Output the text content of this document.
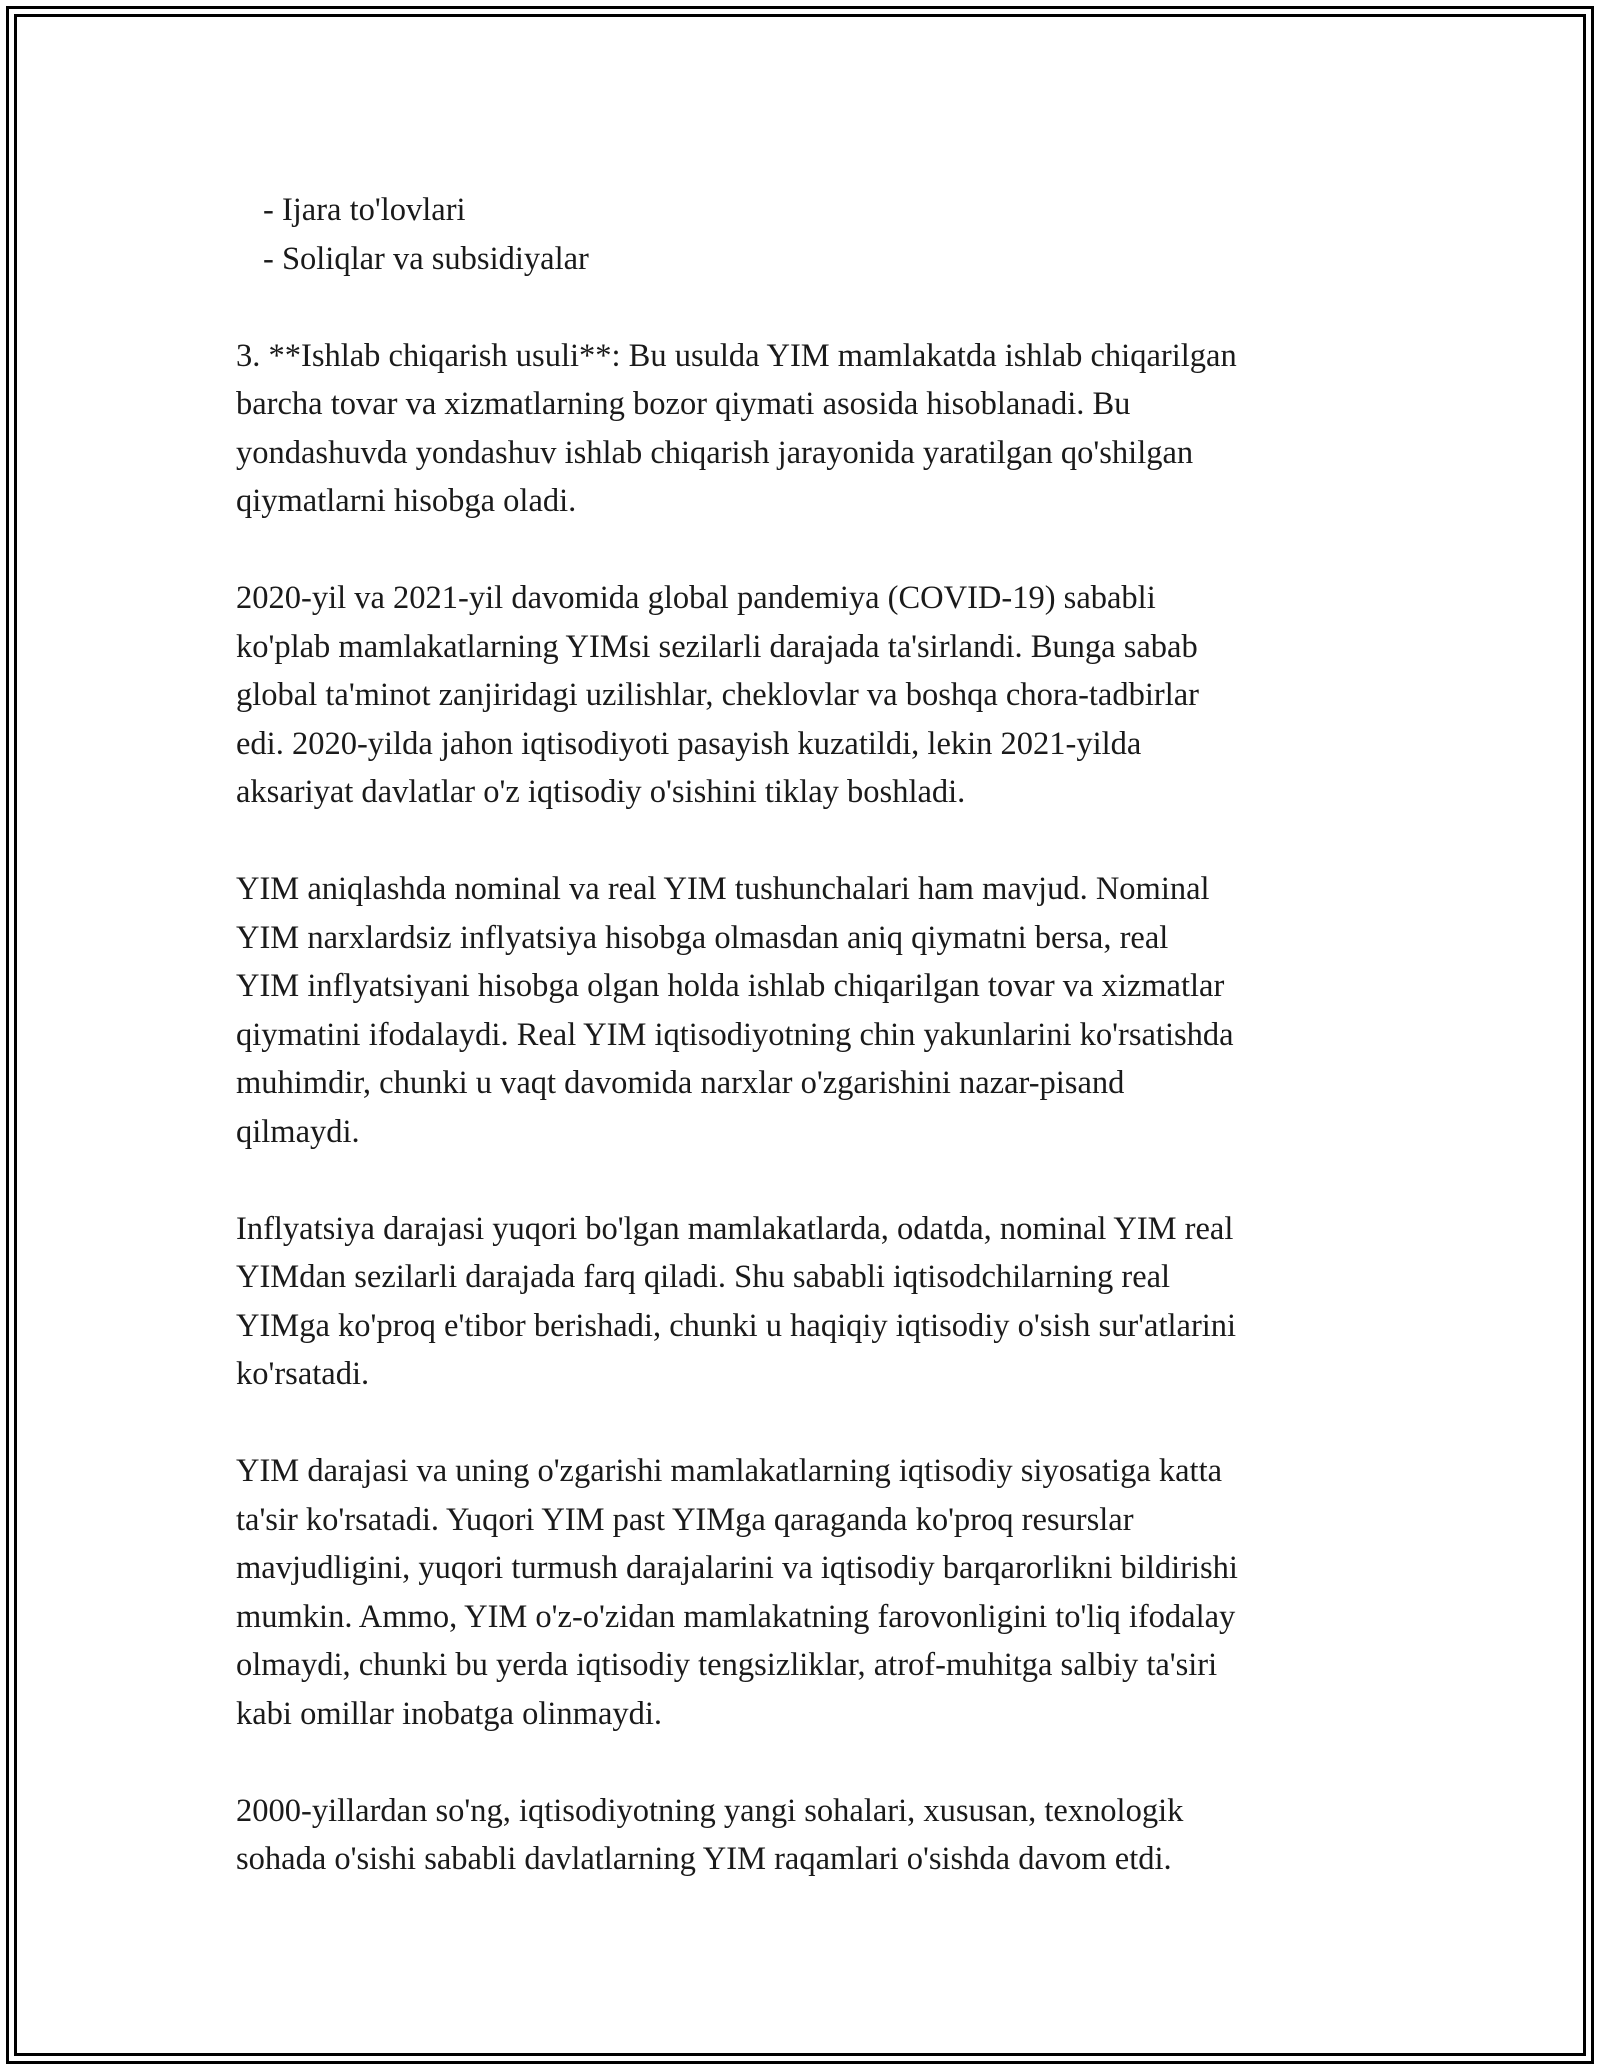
- Ijara to'lovlari

- Soliqlar va subsidiyalar

3. **Ishlab chiqarish usuli**: Bu usulda YIM mamlakatda ishlab chiqarilgan
barcha tovar va xizmatlarning bozor qiymati asosida hisoblanadi. Bu
yondashuvda yondashuv ishlab chiqarish jarayonida yaratilgan qo'shilgan
qiymatlarni hisobga oladi.

2020-yil va 2021-yil davomida global pandemiya (COVID-19) sababli
ko'plab mamlakatlarning YIMsi sezilarli darajada ta'sirlandi. Bunga sabab
global ta'minot zanjiridagi uzilishlar, cheklovlar va boshqa chora-tadbirlar
edi. 2020-yilda jahon iqtisodiyoti pasayish kuzatildi, lekin 2021-yilda
aksariyat davlatlar o'z iqtisodiy o'sishini tiklay boshladi.

YIM aniqlashda nominal va real YIM tushunchalari ham mavjud. Nominal
YIM narxlardsiz inflyatsiya hisobga olmasdan aniq qiymatni bersa, real
YIM inflyatsiyani hisobga olgan holda ishlab chiqarilgan tovar va xizmatlar
qiymatini ifodalaydi. Real YIM iqtisodiyotning chin yakunlarini ko'rsatishda
muhimdir, chunki u vaqt davomida narxlar o'zgarishini nazar-pisand
qilmaydi.

Inflyatsiya darajasi yuqori bo'lgan mamlakatlarda, odatda, nominal YIM real
YIMdan sezilarli darajada farq qiladi. Shu sababli iqtisodchilarning real
YIMga ko'proq e'tibor berishadi, chunki u haqiqiy iqtisodiy o'sish sur'atlarini
ko'rsatadi.

YIM darajasi va uning o'zgarishi mamlakatlarning iqtisodiy siyosatiga katta
ta'sir ko'rsatadi. Yuqori YIM past YIMga qaraganda ko'proq resurslar
mavjudligini, yuqori turmush darajalarini va iqtisodiy barqarorlikni bildirishi
mumkin. Ammo, YIM o'z-o'zidan mamlakatning farovonligini to'liq ifodalay
olmaydi, chunki bu yerda iqtisodiy tengsizliklar, atrof-muhitga salbiy ta'siri
kabi omillar inobatga olinmaydi.

2000-yillardan so'ng, iqtisodiyotning yangi sohalari, xususan, texnologik
sohada o'sishi sababli davlatlarning YIM raqamlari o'sishda davom etdi.
